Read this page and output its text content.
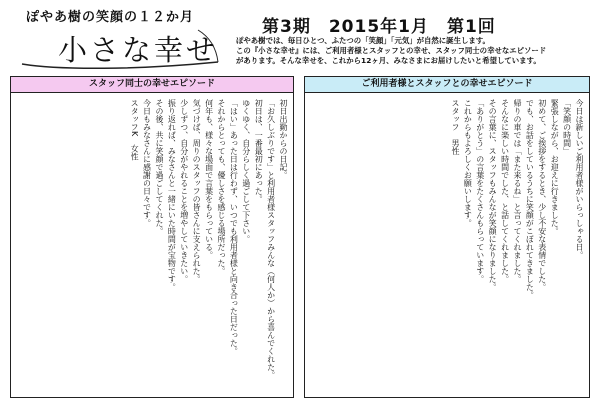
ぽやあ樹の笑顔の１２か月
小さな幸せ
第3期　2015年1月　第1回
ぽやあ樹では、毎日ひとつ、ふたつの「笑顔」「元気」が自然に誕生します。
この『小さな幸せ』には、ご利用者様とスタッフとの幸せ、スタッフ同士の幸せなエピソード
があります。そんな幸せを、これから12ヶ月、みなさまにお届けしたいと希望しています。
スタッフ同士の幸せエピソード
初日出勤からの日記。
「お久しぶりです」と利用者様スタッフみんな（何人か）から喜んでくれた。
初日は、一番最初にあった。
ゆくゆく、自分らしく過ごして下さい。
「はい」あった日は行わず、いつでも利用者様と向き合った日だった。
それからとっても、優しさを感じる場所だった。
何年も、様々な場面で言葉をもらっている。
気づけば、周りのスタッフの皆さんに支えられた。
少しずつ、自分がやれることを増やしていきたい。
振り返れば、みなさんと一緒にいた時間が宝物です。
その後、共に笑顔で過ごしてくれた。
今日もみなさんに感謝の日々です。
スタッフK　女性
ご利用者様とスタッフとの幸せエピソード
今日は新しいご利用者様がいらっしゃる日。
「笑顔の時間」
緊張しながら、お迎えに行きました。
初めて、ご挨拶をするとき、少し不安な表情でした。
でも、お話をしているうちに笑顔がこぼれてきました。
帰りの車では「また来るね」と言ってくれました。
そんなに楽しい時間でした、と話してくれました。
その言葉に、スタッフもみんなが笑顔になりました。
「ありがとう」の言葉をたくさんもらっています。
これからもよろしくお願いします。
スタッフ　男性
